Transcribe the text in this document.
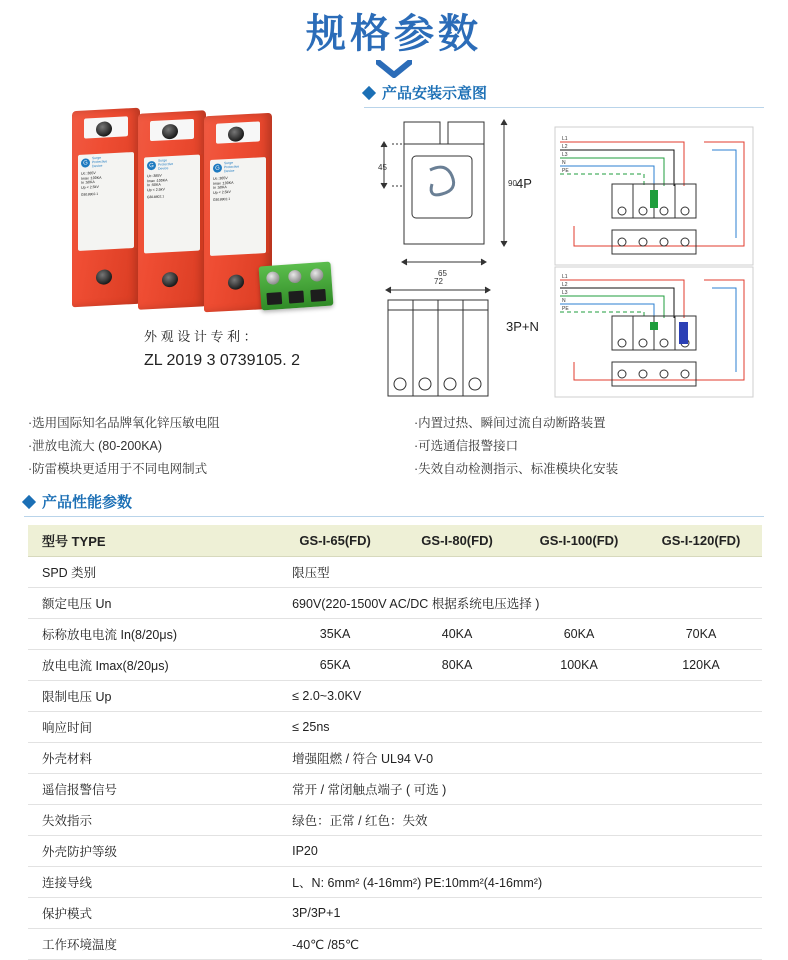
规格参数
G
Surge
Protective
Device
Uc :385V
Imax :100KA
In :50KA
Up < 2.5kV
GB18802.1
G
Surge
Protective
Device
Uc :385V
Imax :100KA
In :50KA
Up < 2.5kV
GB18802.1
G
Surge
Protective
Device
Uc :385V
Imax :100KA
In :50KA
Up < 2.5kV
GB18802.1
外 观 设 计 专 利 ：
ZL 2019 3 0739105. 2
产品安装示意图
45
90
65
72
4P
3P+N
L1
L2
L3
N
PE
L1
L2
L3
N
PE
·选用国际知名品牌氧化锌压敏电阻
·泄放电流大 (80-200KA)
·防雷模块更适用于不同电网制式
·内置过热、瞬间过流自动断路装置
·可选通信报警接口
·失效自动检测指示、标准模块化安装
产品性能参数
型号 TYPE	GS-I-65(FD)	GS-I-80(FD)	GS-I-100(FD)	GS-I-120(FD)
SPD 类别	限压型			
额定电压 Un	690V(220-1500V AC/DC 根据系统电压选择 )			
标称放电电流 In(8/20μs)	35KA	40KA	60KA	70KA
放电电流 Imax(8/20μs)	65KA	80KA	100KA	120KA
限制电压 Up	≤ 2.0~3.0KV			
响应时间	≤ 25ns			
外壳材料	增强阻燃 / 符合 UL94 V-0			
遥信报警信号	常开 / 常闭触点端子 ( 可选 )			
失效指示	绿色：正常 / 红色：失效			
外壳防护等级	IP20			
连接导线	L、N: 6mm² (4-16mm²) PE:10mm²(4-16mm²)			
保护模式	3P/3P+1			
工作环境温度	-40℃ /85℃			
